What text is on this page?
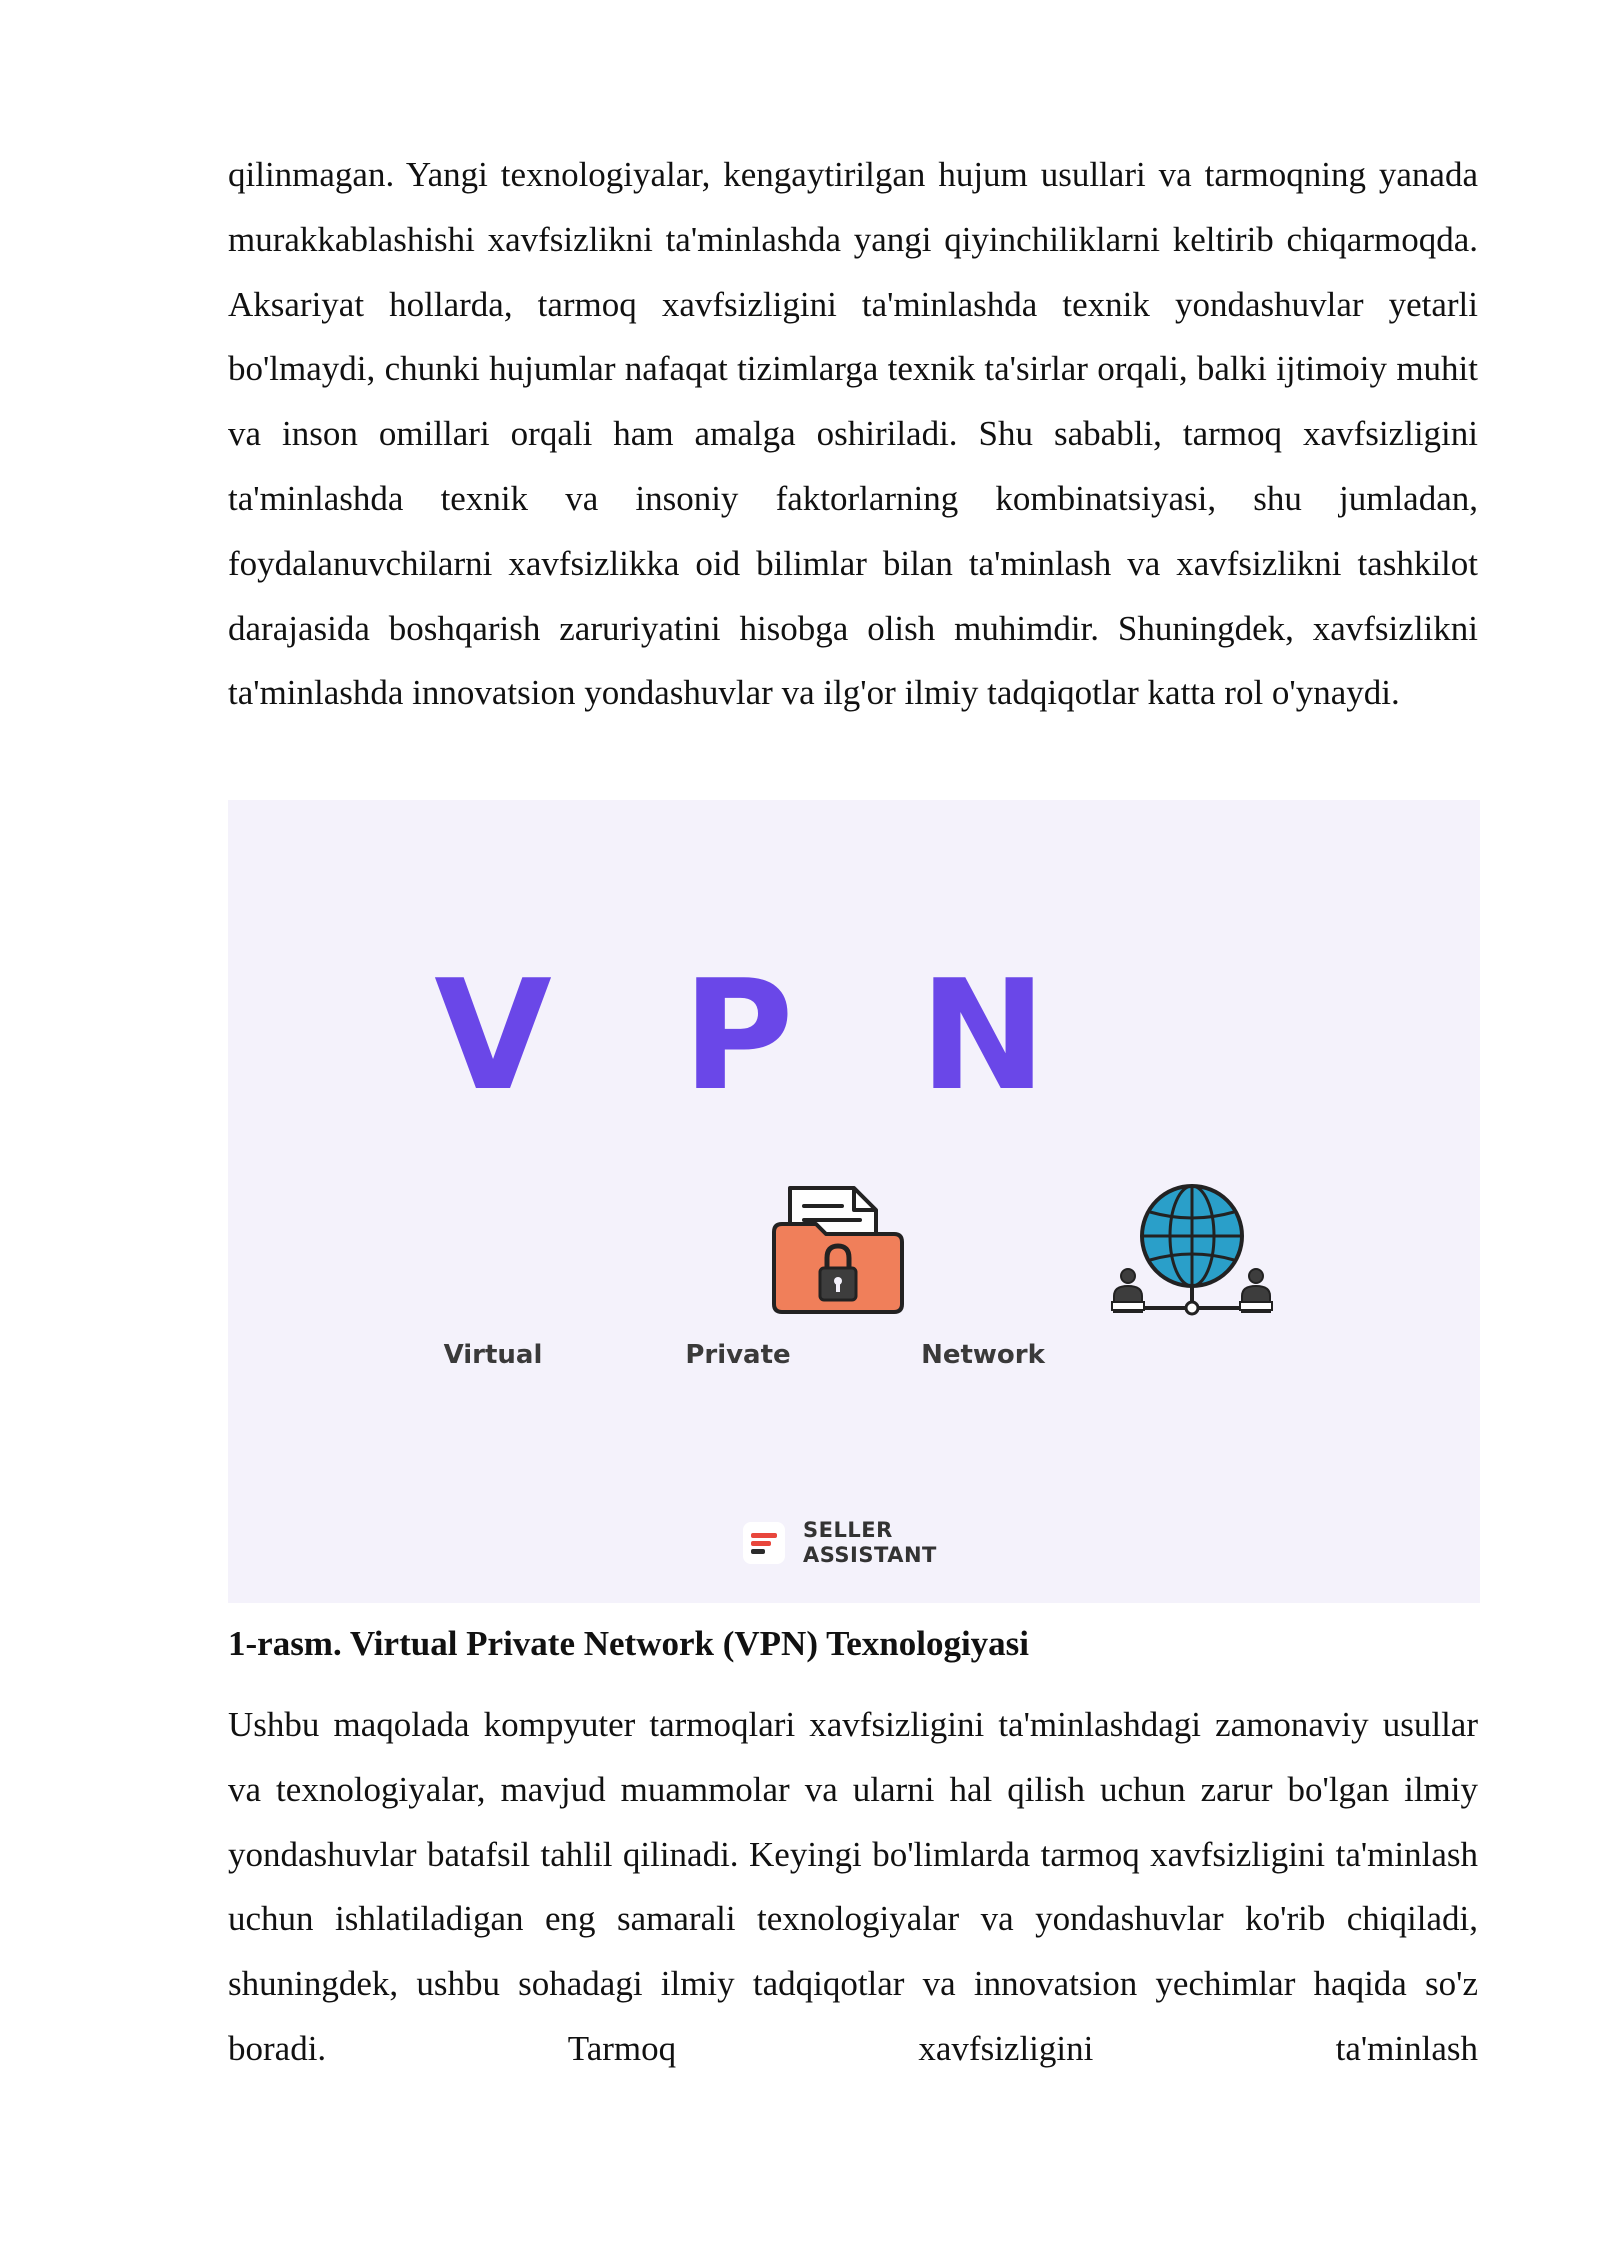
qilinmagan. Yangi texnologiyalar, kengaytirilgan hujum usullari va tarmoqning yanada murakkablashishi xavfsizlikni ta'minlashda yangi qiyinchiliklarni keltirib chiqarmoqda. Aksariyat hollarda, tarmoq xavfsizligini ta'minlashda texnik yondashuvlar yetarli bo'lmaydi, chunki hujumlar nafaqat tizimlarga texnik ta'sirlar orqali, balki ijtimoiy muhit va inson omillari orqali ham amalga oshiriladi. Shu sababli, tarmoq xavfsizligini ta'minlashda texnik va insoniy faktorlarning kombinatsiyasi, shu jumladan, foydalanuvchilarni xavfsizlikka oid bilimlar bilan ta'minlash va xavfsizlikni tashkilot darajasida boshqarish zaruriyatini hisobga olish muhimdir. Shuningdek, xavfsizlikni ta'minlashda innovatsion yondashuvlar va ilg'or ilmiy tadqiqotlar katta rol o'ynaydi.

V P N
Virtual	Private	Network
SELLER
ASSISTANT

1-rasm. Virtual Private Network (VPN) Texnologiyasi

Ushbu maqolada kompyuter tarmoqlari xavfsizligini ta'minlashdagi zamonaviy usullar va texnologiyalar, mavjud muammolar va ularni hal qilish uchun zarur bo'lgan ilmiy yondashuvlar batafsil tahlil qilinadi. Keyingi bo'limlarda tarmoq xavfsizligini ta'minlash uchun ishlatiladigan eng samarali texnologiyalar va yondashuvlar ko'rib chiqiladi, shuningdek, ushbu sohadagi ilmiy tadqiqotlar va innovatsion yechimlar haqida so'z boradi. Tarmoq xavfsizligini ta'minlash
